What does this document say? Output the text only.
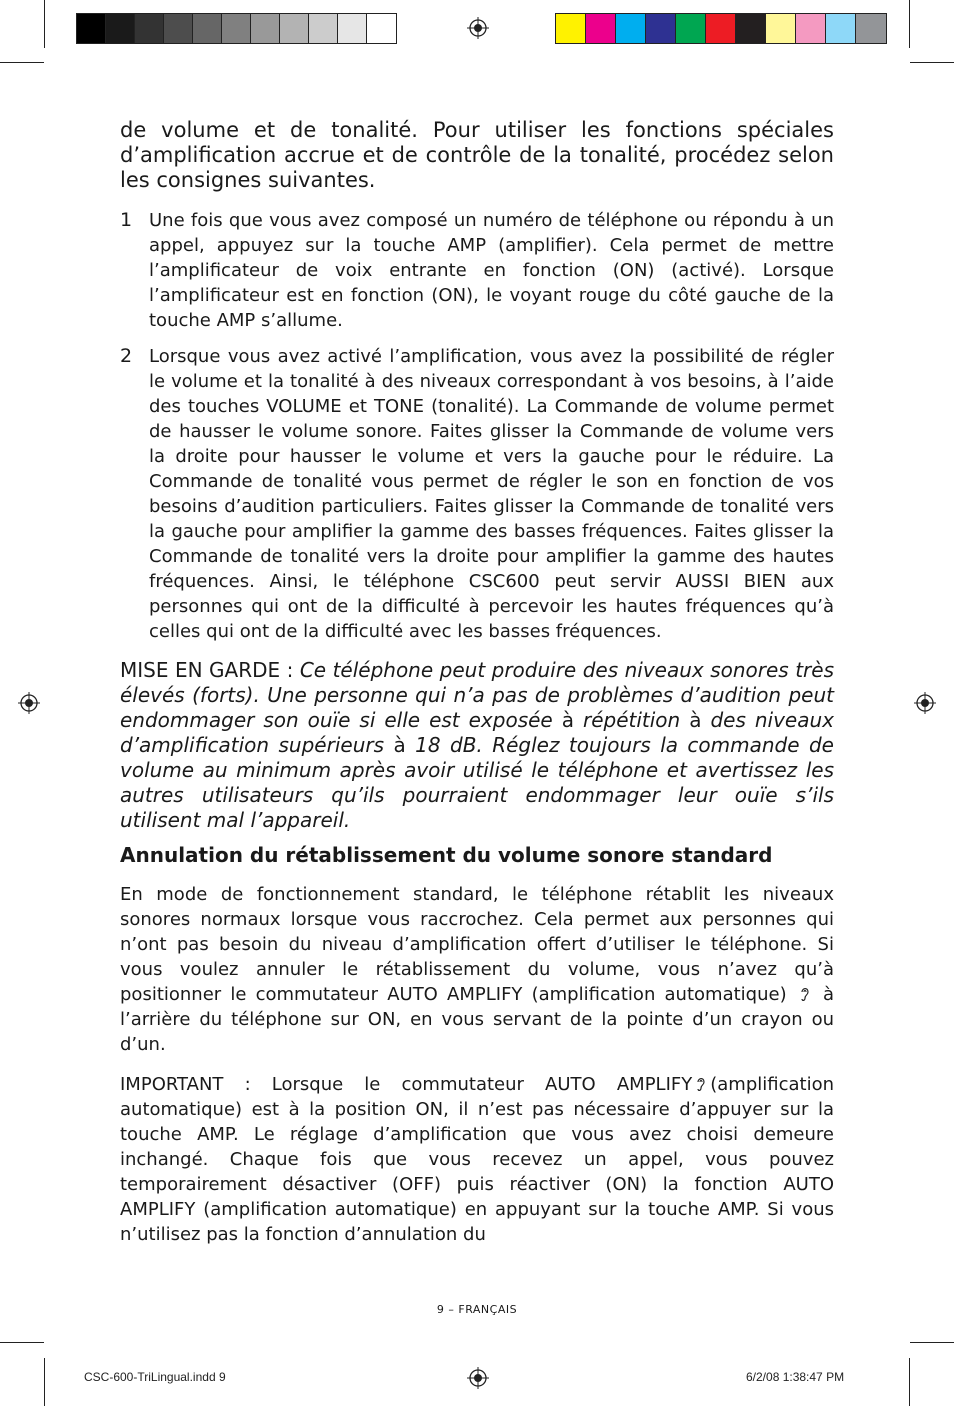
de volume et de tonalité. Pour utiliser les fonctions spéciales d’amplification accrue et de contrôle de la tonalité, procédez selon les consignes suivantes.

1 Une fois que vous avez composé un numéro de téléphone ou répondu à un appel, appuyez sur la touche AMP (amplifier). Cela permet de mettre l’amplificateur de voix entrante en fonction (ON) (activé). Lorsque l’amplificateur est en fonction (ON), le voyant rouge du côté gauche de la touche AMP s’allume.
2 Lorsque vous avez activé l’amplification, vous avez la possibilité de régler le volume et la tonalité à des niveaux correspondant à vos besoins, à l’aide des touches VOLUME et TONE (tonalité). La Commande de volume permet de hausser le volume sonore. Faites glisser la Commande de volume vers la droite pour hausser le volume et vers la gauche pour le réduire. La Commande de tonalité vous permet de régler le son en fonction de vos besoins d’audition particuliers. Faites glisser la Commande de tonalité vers la gauche pour amplifier la gamme des basses fréquences. Faites glisser la Commande de tonalité vers la droite pour amplifier la gamme des hautes fréquences. Ainsi, le téléphone CSC600 peut servir AUSSI BIEN aux personnes qui ont de la difficulté à percevoir les hautes fréquences qu’à celles qui ont de la difficulté avec les basses fréquences.

MISE EN GARDE : Ce téléphone peut produire des niveaux sonores très élevés (forts). Une personne qui n’a pas de problèmes d’audition peut endommager son ouïe si elle est exposée à répétition à des niveaux d’amplification supérieurs à 18 dB. Réglez toujours la commande de volume au minimum après avoir utilisé le téléphone et avertissez les autres utilisateurs qu’ils pourraient endommager leur ouïe s’ils utilisent mal l’appareil.

Annulation du rétablissement du volume sonore standard

En mode de fonctionnement standard, le téléphone rétablit les niveaux sonores normaux lorsque vous raccrochez. Cela permet aux personnes qui n’ont pas besoin du niveau d’amplification offert d’utiliser le téléphone. Si vous voulez annuler le rétablissement du volume, vous n’avez qu’à positionner le commutateur AUTO AMPLIFY (amplification automatique) à l’arrière du téléphone sur ON, en vous servant de la pointe d’un crayon ou d’un.

IMPORTANT : Lorsque le commutateur AUTO AMPLIFY (amplification automatique) est à la position ON, il n’est pas nécessaire d’appuyer sur la touche AMP. Le réglage d’amplification que vous avez choisi demeure inchangé. Chaque fois que vous recevez un appel, vous pouvez temporairement désactiver (OFF) puis réactiver (ON) la fonction AUTO AMPLIFY (amplification automatique) en appuyant sur la touche AMP. Si vous n’utilisez pas la fonction d’annulation du

9 – FRANÇAIS
CSC-600-TriLingual.indd 9	6/2/08 1:38:47 PM
